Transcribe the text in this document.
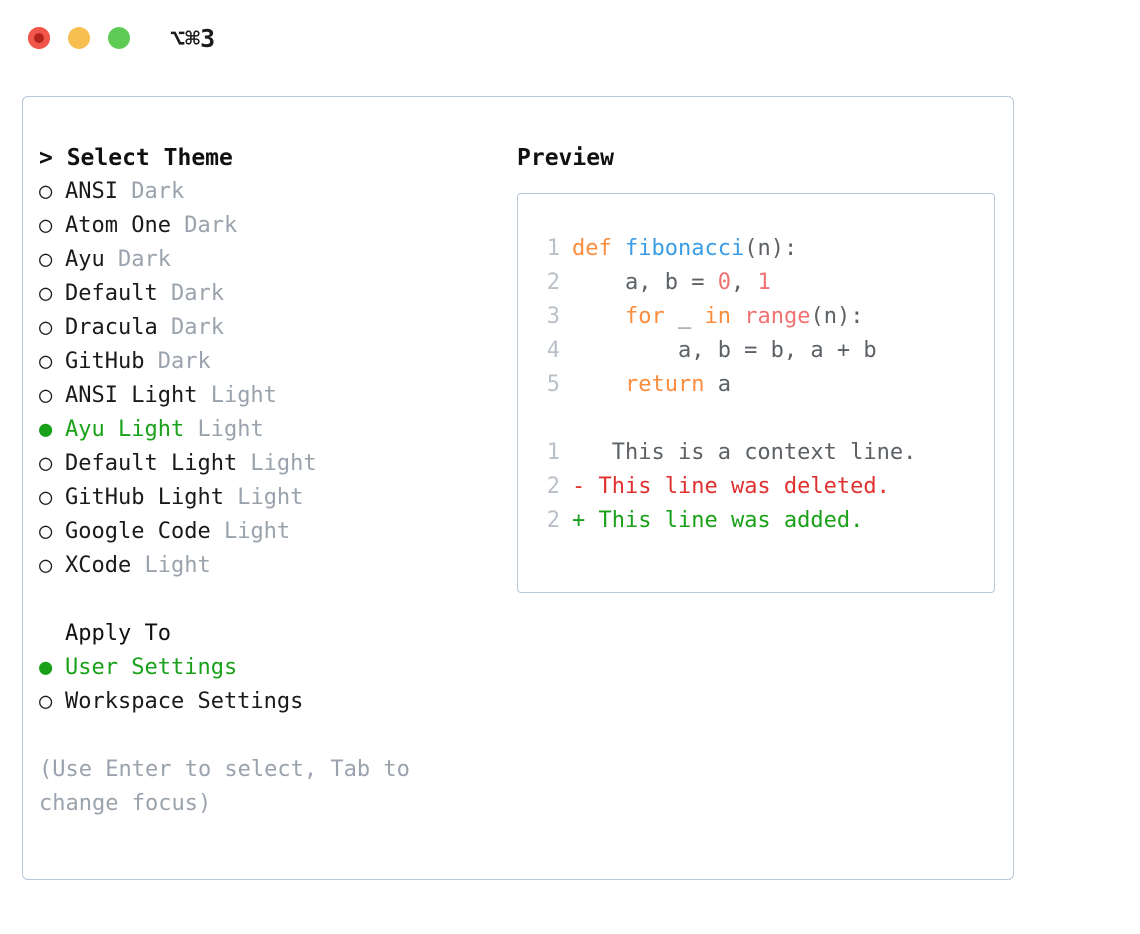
⌥⌘3
> Select Theme
○ ANSI Dark
○ Atom One Dark
○ Ayu Dark
○ Default Dark
○ Dracula Dark
○ GitHub Dark
○ ANSI Light Light
● Ayu Light Light
○ Default Light Light
○ GitHub Light Light
○ Google Code Light
○ XCode Light
Apply To
● User Settings
○ Workspace Settings
(Use Enter to select, Tab to change focus)
Preview
1 def fibonacci(n):
2    a, b = 0, 1
3	for _ in range(n):
4        a, b = b, a + b
5	return a
1   This is a context line.
2 - This line was deleted.
2 + This line was added.
